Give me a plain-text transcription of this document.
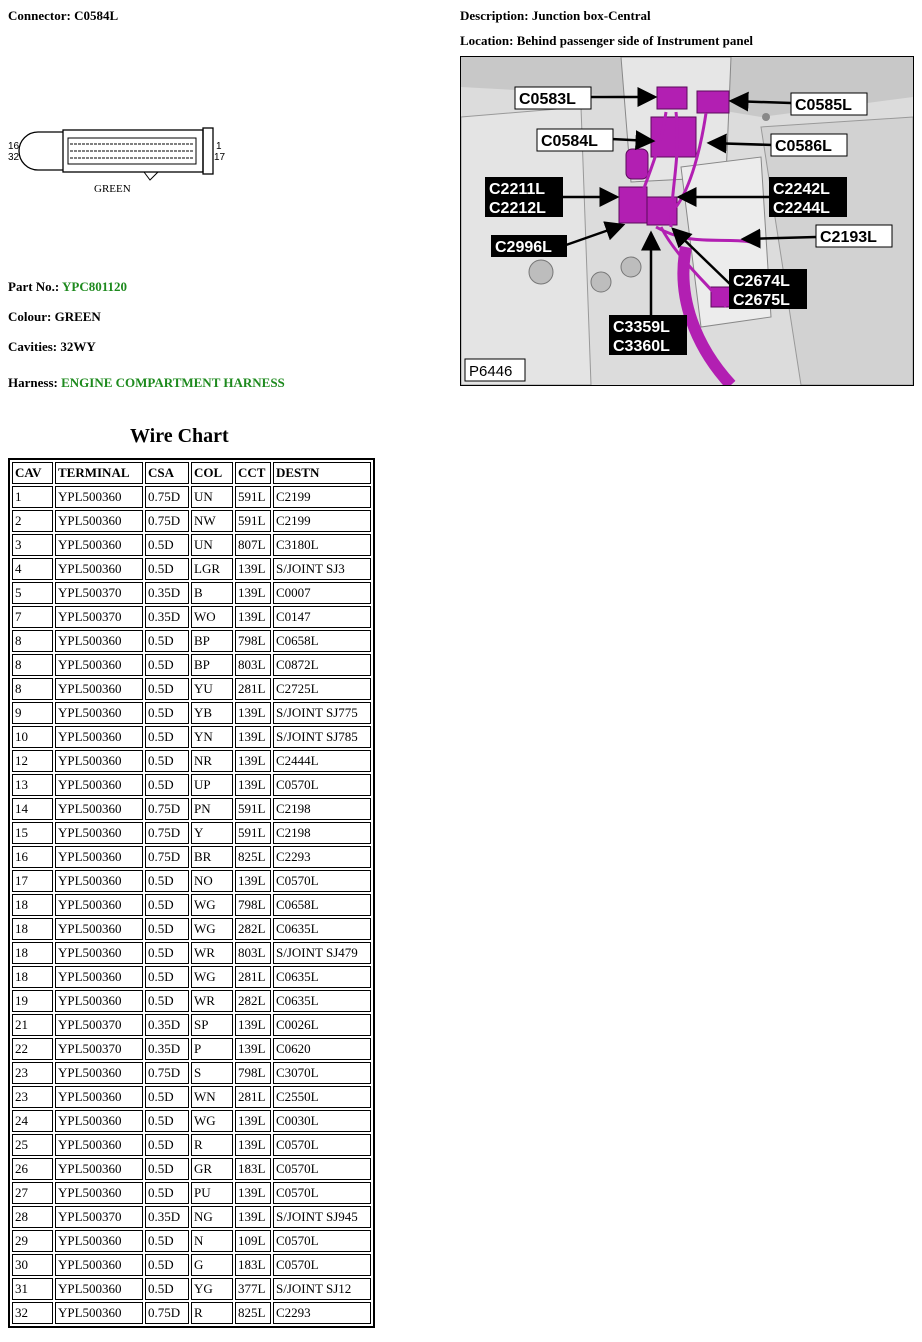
Connector: C0584L
16
32
1
17
GREEN
Part No.: YPC801120
Colour: GREEN
Cavities: 32WY
Harness: ENGINE COMPARTMENT HARNESS
Description: Junction box-Central
Location: Behind passenger side of Instrument panel
C0583L	C0585L
C0584L	C0586L
C2211L
C2212L
C2242L
C2244L
C2996L
C2193L
C2674L
C2675L
C3359L
C3360L
P6446
Wire Chart
CAV	TERMINAL	CSA	COL	CCT	DESTN
1	YPL500360	0.75D	UN	591L	C2199
2	YPL500360	0.75D	NW	591L	C2199
3	YPL500360	0.5D	UN	807L	C3180L
4	YPL500360	0.5D	LGR	139L	S/JOINT SJ3
5	YPL500370	0.35D	B	139L	C0007
7	YPL500370	0.35D	WO	139L	C0147
8	YPL500360	0.5D	BP	798L	C0658L
8	YPL500360	0.5D	BP	803L	C0872L
8	YPL500360	0.5D	YU	281L	C2725L
9	YPL500360	0.5D	YB	139L	S/JOINT SJ775
10	YPL500360	0.5D	YN	139L	S/JOINT SJ785
12	YPL500360	0.5D	NR	139L	C2444L
13	YPL500360	0.5D	UP	139L	C0570L
14	YPL500360	0.75D	PN	591L	C2198
15	YPL500360	0.75D	Y	591L	C2198
16	YPL500360	0.75D	BR	825L	C2293
17	YPL500360	0.5D	NO	139L	C0570L
18	YPL500360	0.5D	WG	798L	C0658L
18	YPL500360	0.5D	WG	282L	C0635L
18	YPL500360	0.5D	WR	803L	S/JOINT SJ479
18	YPL500360	0.5D	WG	281L	C0635L
19	YPL500360	0.5D	WR	282L	C0635L
21	YPL500370	0.35D	SP	139L	C0026L
22	YPL500370	0.35D	P	139L	C0620
23	YPL500360	0.75D	S	798L	C3070L
23	YPL500360	0.5D	WN	281L	C2550L
24	YPL500360	0.5D	WG	139L	C0030L
25	YPL500360	0.5D	R	139L	C0570L
26	YPL500360	0.5D	GR	183L	C0570L
27	YPL500360	0.5D	PU	139L	C0570L
28	YPL500370	0.35D	NG	139L	S/JOINT SJ945
29	YPL500360	0.5D	N	109L	C0570L
30	YPL500360	0.5D	G	183L	C0570L
31	YPL500360	0.5D	YG	377L	S/JOINT SJ12
32	YPL500360	0.75D	R	825L	C2293
